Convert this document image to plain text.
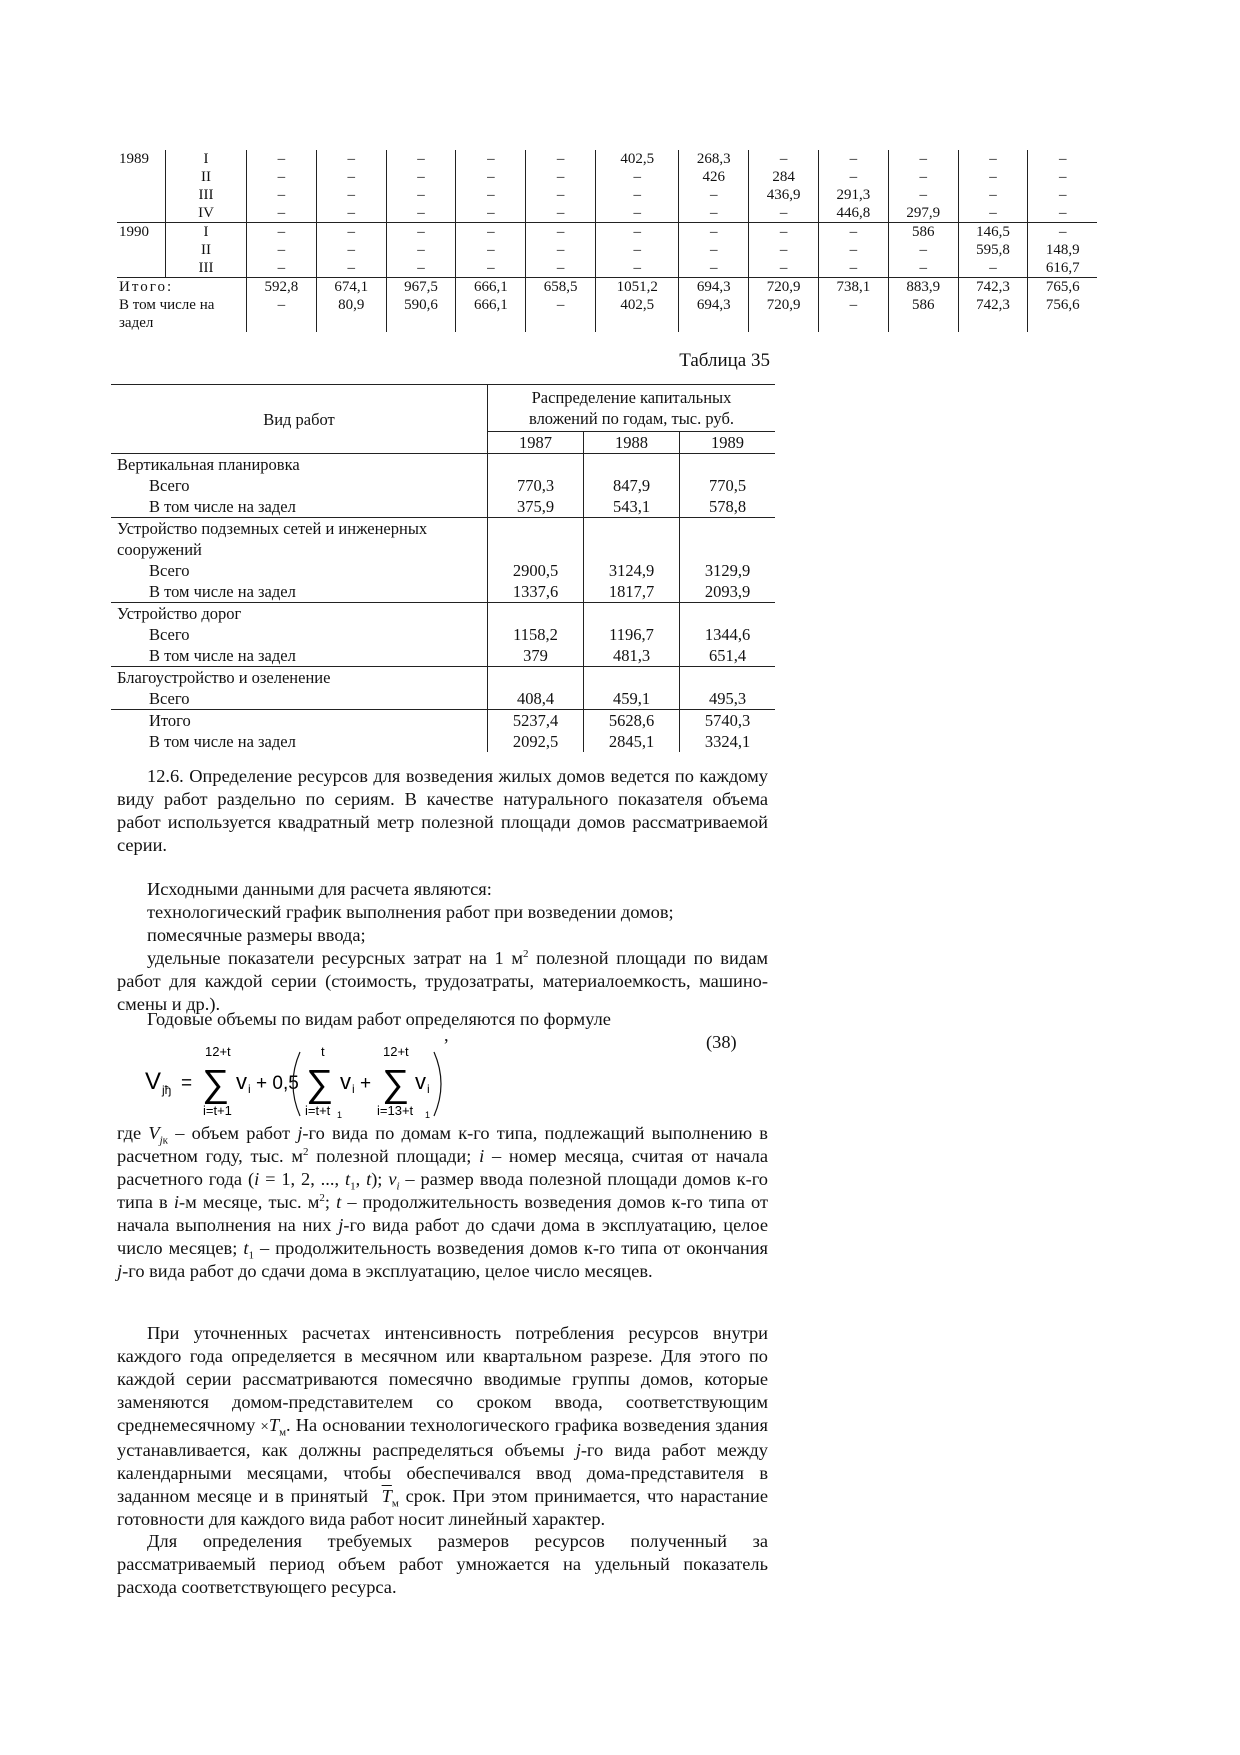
1989	I	–	–	–	–	–	402,5	268,3	–	–	–	–	–
	II	–	–	–	–	–	–	426	284	–	–	–	–
	III	–	–	–	–	–	–	–	436,9	291,3	–	–	–
	IV	–	–	–	–	–	–	–	–	446,8	297,9	–	–
1990	I	–	–	–	–	–	–	–	–	–	586	146,5	–
	II	–	–	–	–	–	–	–	–	–	–	595,8	148,9
	III	–	–	–	–	–	–	–	–	–	–	–	616,7
Итого:		592,8	674,1	967,5	666,1	658,5	1051,2	694,3	720,9	738,1	883,9	742,3	765,6

В том числе на
задел		–	80,9	590,6	666,1	–	402,5	694,3	720,9	–	586	742,3	756,6
Таблица 35
Вид работ	Распределение капитальных вложений по годам, тыс. руб.		
	1987	1988	1989
Вертикальная планировка			
Всего	770,3	847,9	770,5
В том числе на задел	375,9	543,1	578,8
Устройство подземных сетей и инженерных сооружений			
Всего	2900,5	3124,9	3129,9
В том числе на задел	1337,6	1817,7	2093,9
Устройство дорог			
Всего	1158,2	1196,7	1344,6
В том числе на задел	379	481,3	651,4
Благоустройство и озеленение			
Всего	408,4	459,1	495,3
Итого	5237,4	5628,6	5740,3
В том числе на задел	2092,5	2845,1	3324,1

12.6. Определение ресурсов для возведения жилых домов ведется по каждому виду работ раздельно по сериям. В качестве натурального показателя объема работ используется квадратный метр полезной площади домов рассматриваемой серии.

Исходными данными для расчета являются:
технологический график выполнения работ при возведении домов;
помесячные размеры ввода;

удельные показатели ресурсных затрат на 1 $м^2$ полезной площади по видам работ для каждой серии (стоимость, трудозатраты, материалоемкость, машино-смены и др.).

Годовые объемы по видам работ определяются по формуле
,	(38)
V jђ =
12+t
∑
i=t+1
v i + 0,5
t
∑
i=t+t 1
v i +
12+t
∑
i=13+t 1
v i

где $V_{jк}$ – объем работ j-го вида по домам к-го типа, подлежащий выполнению в расчетном году, тыс. $м^2$ полезной площади; i – номер месяца, считая от начала расчетного года (i = 1, 2, ..., $t_1$, t); $v_i$ – размер ввода полезной площади домов к-го типа в i-м месяце, тыс. $м^2$; t – продолжительность возведения домов к-го типа от начала выполнения на них j-го вида работ до сдачи дома в эксплуатацию, целое число месяцев; $t_1$ – продолжительность возведения домов к-го типа от окончания j-го вида работ до сдачи дома в эксплуатацию, целое число месяцев.

При уточненных расчетах интенсивность потребления ресурсов внутри каждого года определяется в месячном или квартальном разрезе. Для этого по каждой серии рассматриваются помесячно вводимые группы домов, которые заменяются домом-представителем со сроком ввода, соответствующим среднемесячному $\times Т_м$. На основании технологического графика возведения здания устанавливается, как должны распределяться объемы j-го вида работ между календарными месяцами, чтобы обеспечивался ввод дома-представителя в заданном месяце и в принятый $Т_м$ срок. При этом принимается, что нарастание готовности для каждого вида работ носит линейный характер.

Для определения требуемых размеров ресурсов полученный за рассматриваемый период объем работ умножается на удельный показатель расхода соответствующего ресурса.
